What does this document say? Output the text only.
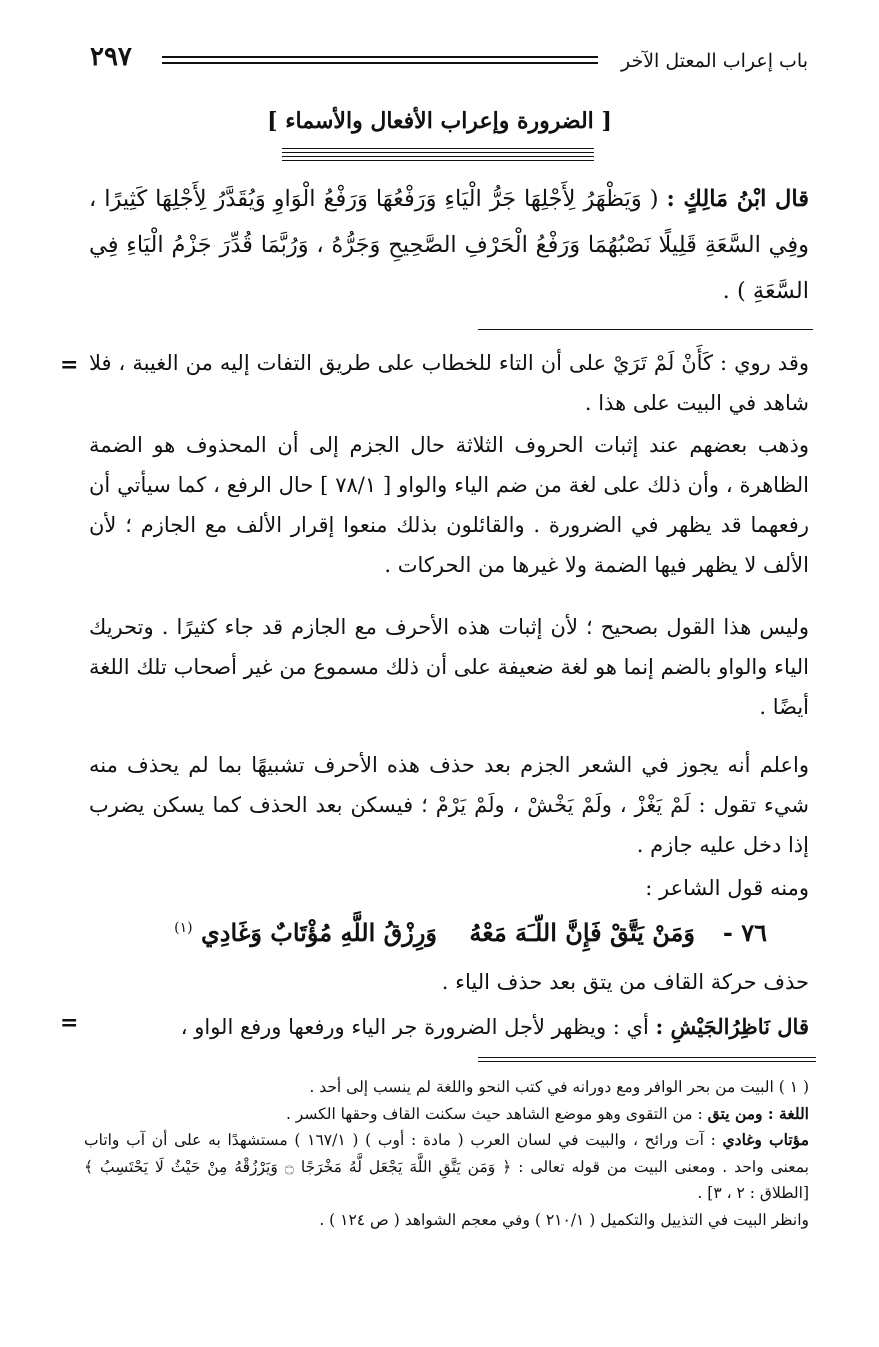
باب إعراب المعتل الآخر
٢٩٧
[ الضرورة وإعراب الأفعال والأسماء ]
قال ابْنُ مَالِكٍ : ( وَيَظْهَرُ لِأَجْلِهَا جَرُّ الْيَاءِ وَرَفْعُهَا وَرَفْعُ الْوَاوِ وَيُقَدَّرُ لِأَجْلِهَا كَثِيرًا ، وفِي السَّعَةِ قَلِيلًا نَصْبُهُمَا وَرَفْعُ الْحَرْفِ الصَّحِيحِ وَجَرُّهُ ، وَرُبَّمَا قُدِّرَ جَزْمُ الْيَاءِ فِي السَّعَةِ ) .
= وقد روي : كَأَنْ لَمْ تَرَيْ على أن التاء للخطاب على طريق التفات إليه من الغيبة ، فلا شاهد في البيت على هذا .
وذهب بعضهم عند إثبات الحروف الثلاثة حال الجزم إلى أن المحذوف هو الضمة الظاهرة ، وأن ذلك على لغة من ضم الياء والواو [ ٧٨/١ ] حال الرفع ، كما سيأتي أن رفعهما قد يظهر في الضرورة . والقائلون بذلك منعوا إقرار الألف مع الجازم ؛ لأن الألف لا يظهر فيها الضمة ولا غيرها من الحركات .
وليس هذا القول بصحيح ؛ لأن إثبات هذه الأحرف مع الجازم قد جاء كثيرًا . وتحريك الياء والواو بالضم إنما هو لغة ضعيفة على أن ذلك مسموع من غير أصحاب تلك اللغة أيضًا .
واعلم أنه يجوز في الشعر الجزم بعد حذف هذه الأحرف تشبيهًا بما لم يحذف منه شيء تقول : لَمْ يَغْزْ ، ولَمْ يَخْشْ ، ولَمْ يَرْمْ ؛ فيسكن بعد الحذف كما يسكن يضرب إذا دخل عليه جازم .
ومنه قول الشاعر :
٧٦ -
وَمَنْ يَتَّقْ فَإِنَّ اللّـَهَ مَعْهُ
وَرِزْقُ اللَّهِ مُؤْتَابٌ وَغَادِي $^{(١)}$
حذف حركة القاف من يتق بعد حذف الياء .
قال نَاظِرُالجَيْشِ : أي : ويظهر لأجل الضرورة جر الياء ورفعها ورفع الواو ،
=

( ١ ) البيت من بحر الوافر ومع دورانه في كتب النحو واللغة لم ينسب إلى أحد .

اللغة : ومن يتق : من التقوى وهو موضع الشاهد حيث سكنت القاف وحقها الكسر .

مؤتاب وغادي : آت ورائح ، والبيت في لسان العرب ( مادة : أوب ) ( ١٦٧/١ ) مستشهدًا به على أن آب واتاب بمعنى واحد . ومعنى البيت من قوله تعالى : ﴿ وَمَن يَتَّقِ اللَّهَ يَجْعَل لَّهُ مَخْرَجًا ۝ وَيَرْزُقْهُ مِنْ حَيْثُ لَا يَحْتَسِبُ ﴾ [الطلاق : ٢ ، ٣] .

وانظر البيت في التذييل والتكميل ( ٢١٠/١ ) وفي معجم الشواهد ( ص ١٢٤ ) .
